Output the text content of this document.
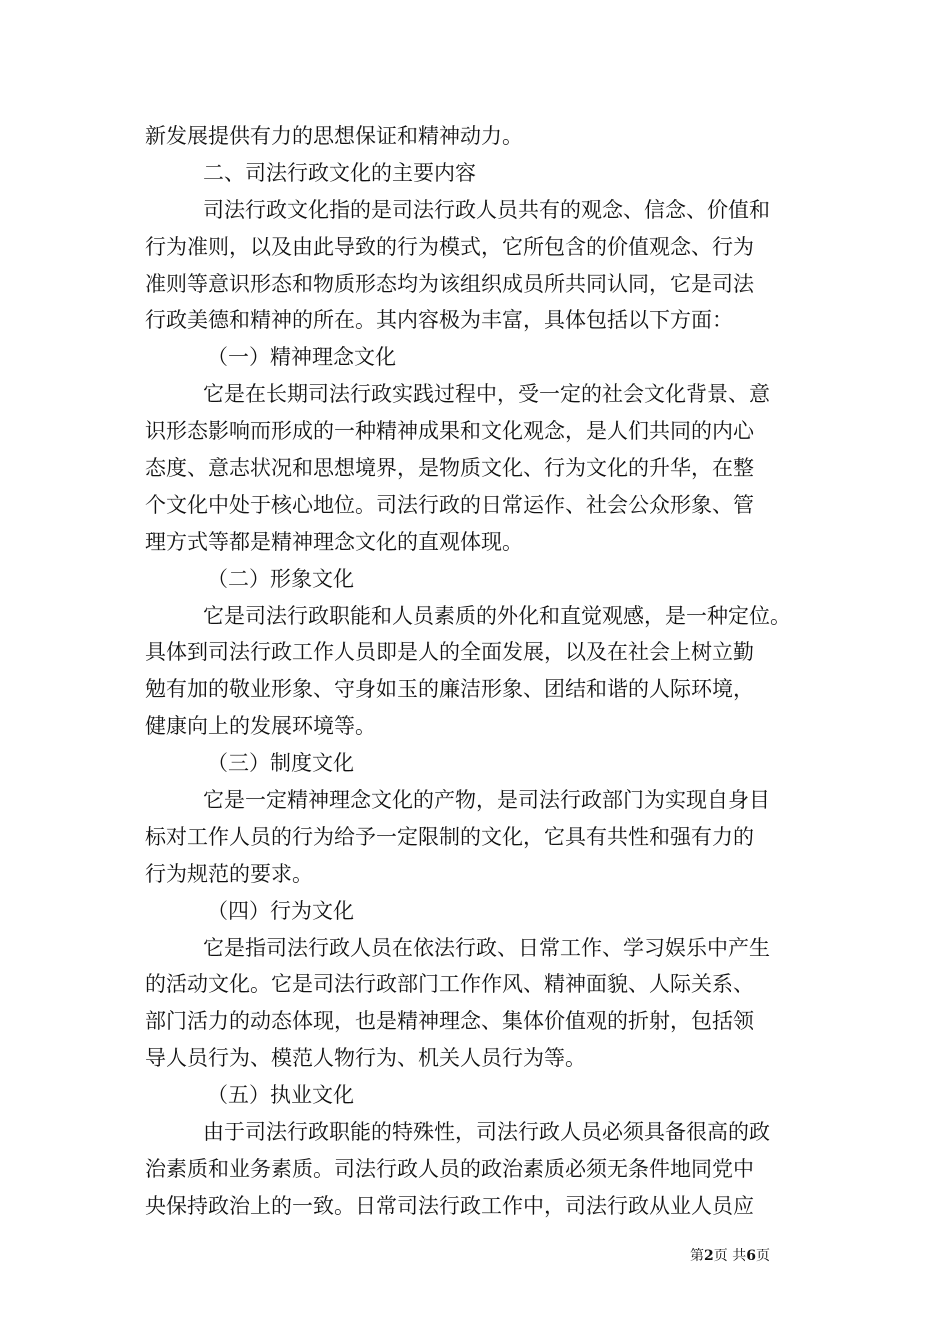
新发展提供有力的思想保证和精神动力。
二、司法行政文化的主要内容
司法行政文化指的是司法行政人员共有的观念、信念、价值和
行为准则，以及由此导致的行为模式，它所包含的价值观念、行为
准则等意识形态和物质形态均为该组织成员所共同认同，它是司法
行政美德和精神的所在。其内容极为丰富，具体包括以下方面：
（一）精神理念文化
它是在长期司法行政实践过程中，受一定的社会文化背景、意
识形态影响而形成的一种精神成果和文化观念，是人们共同的内心
态度、意志状况和思想境界，是物质文化、行为文化的升华，在整
个文化中处于核心地位。司法行政的日常运作、社会公众形象、管
理方式等都是精神理念文化的直观体现。
（二）形象文化
它是司法行政职能和人员素质的外化和直觉观感，是一种定位。
具体到司法行政工作人员即是人的全面发展，以及在社会上树立勤
勉有加的敬业形象、守身如玉的廉洁形象、团结和谐的人际环境，
健康向上的发展环境等。
（三）制度文化
它是一定精神理念文化的产物，是司法行政部门为实现自身目
标对工作人员的行为给予一定限制的文化，它具有共性和强有力的
行为规范的要求。
（四）行为文化
它是指司法行政人员在依法行政、日常工作、学习娱乐中产生
的活动文化。它是司法行政部门工作作风、精神面貌、人际关系、
部门活力的动态体现，也是精神理念、集体价值观的折射，包括领
导人员行为、模范人物行为、机关人员行为等。
（五）执业文化
由于司法行政职能的特殊性，司法行政人员必须具备很高的政
治素质和业务素质。司法行政人员的政治素质必须无条件地同党中
央保持政治上的一致。日常司法行政工作中，司法行政从业人员应
第2页 共6页
